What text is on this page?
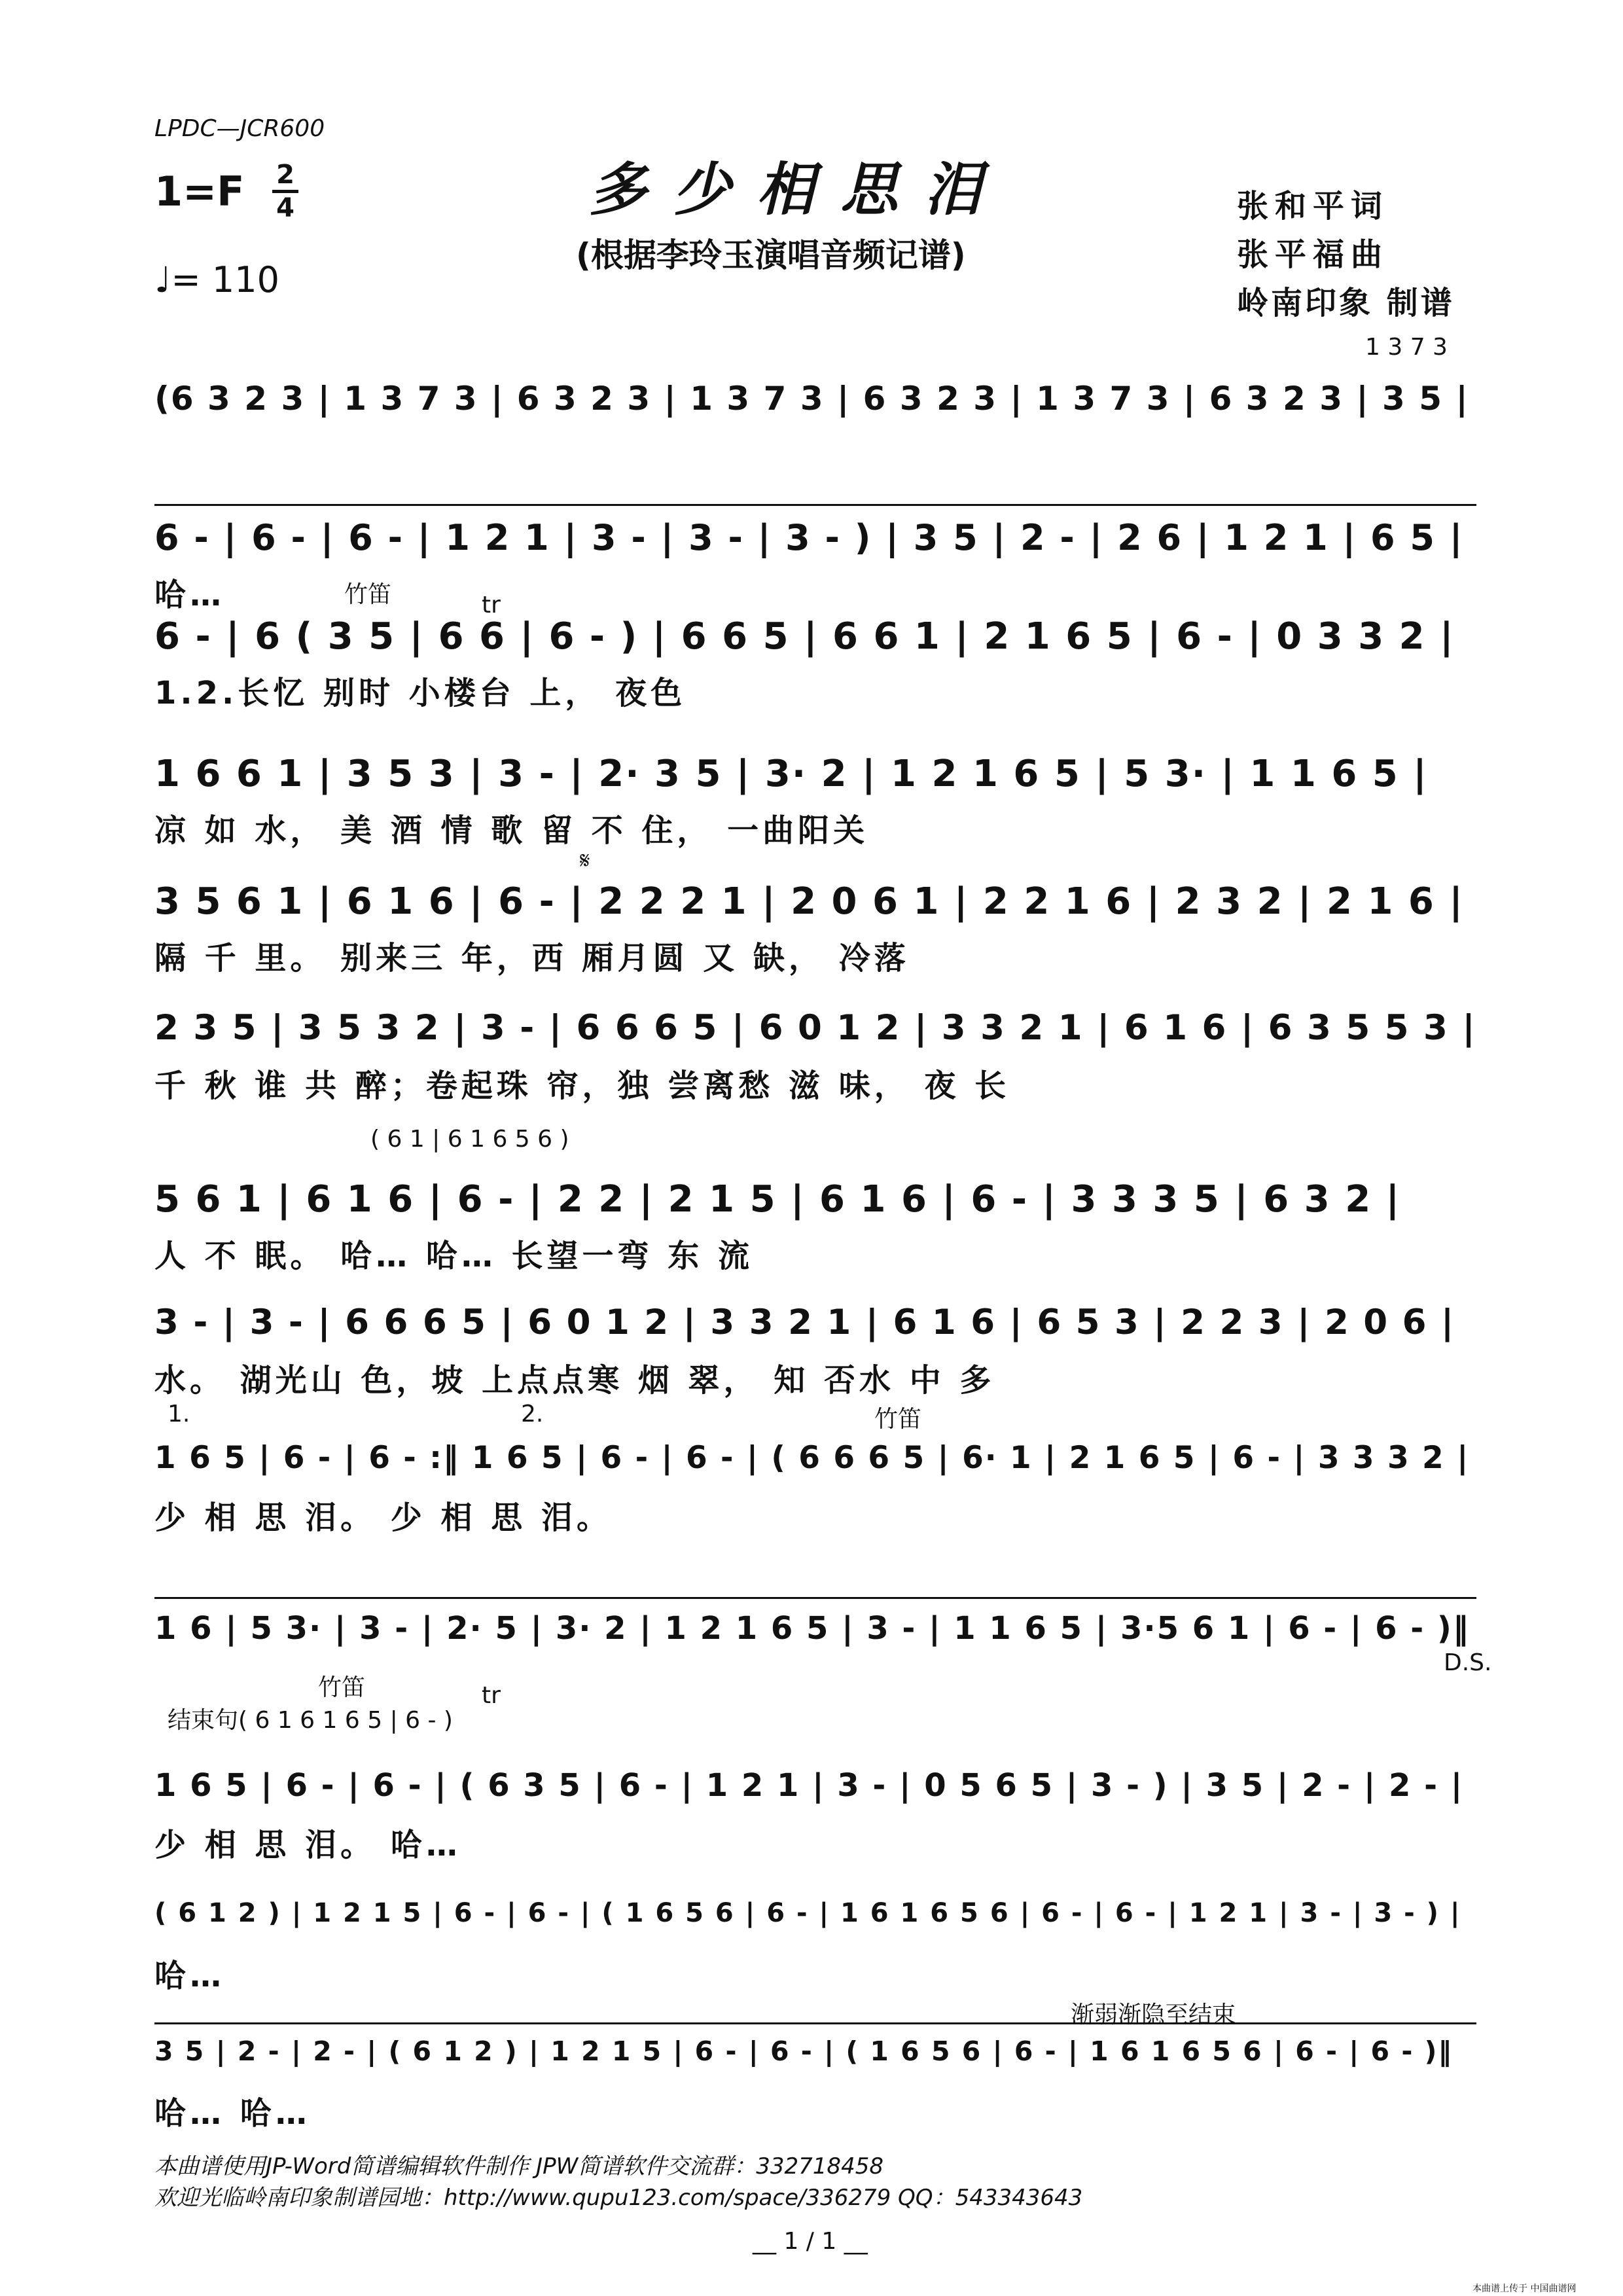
LPDC—JCR600
1=F 2
4
♩= 110
多少相思泪
(根据李玲玉演唱音频记谱)
张和平词
张平福曲
岭南印象 制谱
(6 3 2 3 | 1 3 7 3 | 6 3 2 3 | 1 3 7 3 | 6 3 2 3 | 1 3 7 3 | 6 3 2 3 | 3 5 |
1 3 7 3
6 - | 6 - | 6 - | 1 2 1 | 3 - | 3 - | 3 - ) | 3 5 | 2 - | 2 6 | 1 2 1 | 6 5 |
哈…
6 - | 6 ( 3 5 | 6 6 | 6 - ) | 6 6 5 | 6 6 1 | 2 1 6 5 | 6 - | 0 3 3 2 |
1.2.长忆 别时 小楼台 上， 夜色
竹笛	tr
1 6 6 1 | 3 5 3 | 3 - | 2· 3 5 | 3· 2 | 1 2 1 6 5 | 5 3· | 1 1 6 5 |
凉 如 水， 美 酒 情 歌 留 不 住， 一曲阳关
3 5 6 1 | 6 1 6 | 6 - | 2 2 2 1 | 2 0 6 1 | 2 2 1 6 | 2 3 2 | 2 1 6 |
隔 千 里。 别来三 年，西 厢月圆 又 缺， 冷落
𝄋
2 3 5 | 3 5 3 2 | 3 - | 6 6 6 5 | 6 0 1 2 | 3 3 2 1 | 6 1 6 | 6 3 5 5 3 |
千 秋 谁 共 醉；卷起珠 帘，独 尝离愁 滋 味， 夜 长
5 6 1 | 6 1 6 | 6 - | 2 2 | 2 1 5 | 6 1 6 | 6 - | 3 3 3 5 | 6 3 2 |
人 不 眠。 哈… 哈… 长望一弯 东 流
( 6 1 | 6 1 6 5 6 )
3 - | 3 - | 6 6 6 5 | 6 0 1 2 | 3 3 2 1 | 6 1 6 | 6 5 3 | 2 2 3 | 2 0 6 |
水。 湖光山 色，坡 上点点寒 烟 翠， 知 否水 中 多
1 6 5 | 6 - | 6 - :‖ 1 6 5 | 6 - | 6 - | ( 6 6 6 5 | 6· 1 | 2 1 6 5 | 6 - | 3 3 3 2 |
少 相 思 泪。 少 相 思 泪。
1.	2.	竹笛
1 6 | 5 3· | 3 - | 2· 5 | 3· 2 | 1 2 1 6 5 | 3 - | 1 1 6 5 | 3·5 6 1 | 6 - | 6 - )‖
D.S.
1 6 5 | 6 - | 6 - | ( 6 3 5 | 6 - | 1 2 1 | 3 - | 0 5 6 5 | 3 - ) | 3 5 | 2 - | 2 - |
少 相 思 泪。 哈…
竹笛
结束句( 6 1 6 1 6 5 | 6 - )
tr
( 6 1 2 ) | 1 2 1 5 | 6 - | 6 - | ( 1 6 5 6 | 6 - | 1 6 1 6 5 6 | 6 - | 6 - | 1 2 1 | 3 - | 3 - ) |
哈…
3 5 | 2 - | 2 - | ( 6 1 2 ) | 1 2 1 5 | 6 - | 6 - | ( 1 6 5 6 | 6 - | 1 6 1 6 5 6 | 6 - | 6 - )‖
哈… 哈…
渐弱渐隐至结束
本曲谱使用JP-Word简谱编辑软件制作 JPW简谱软件交流群：332718458
欢迎光临岭南印象制谱园地：http://www.qupu123.com/space/336279 QQ：543343643
__ 1 / 1 __
本曲谱上传于 中国曲谱网
